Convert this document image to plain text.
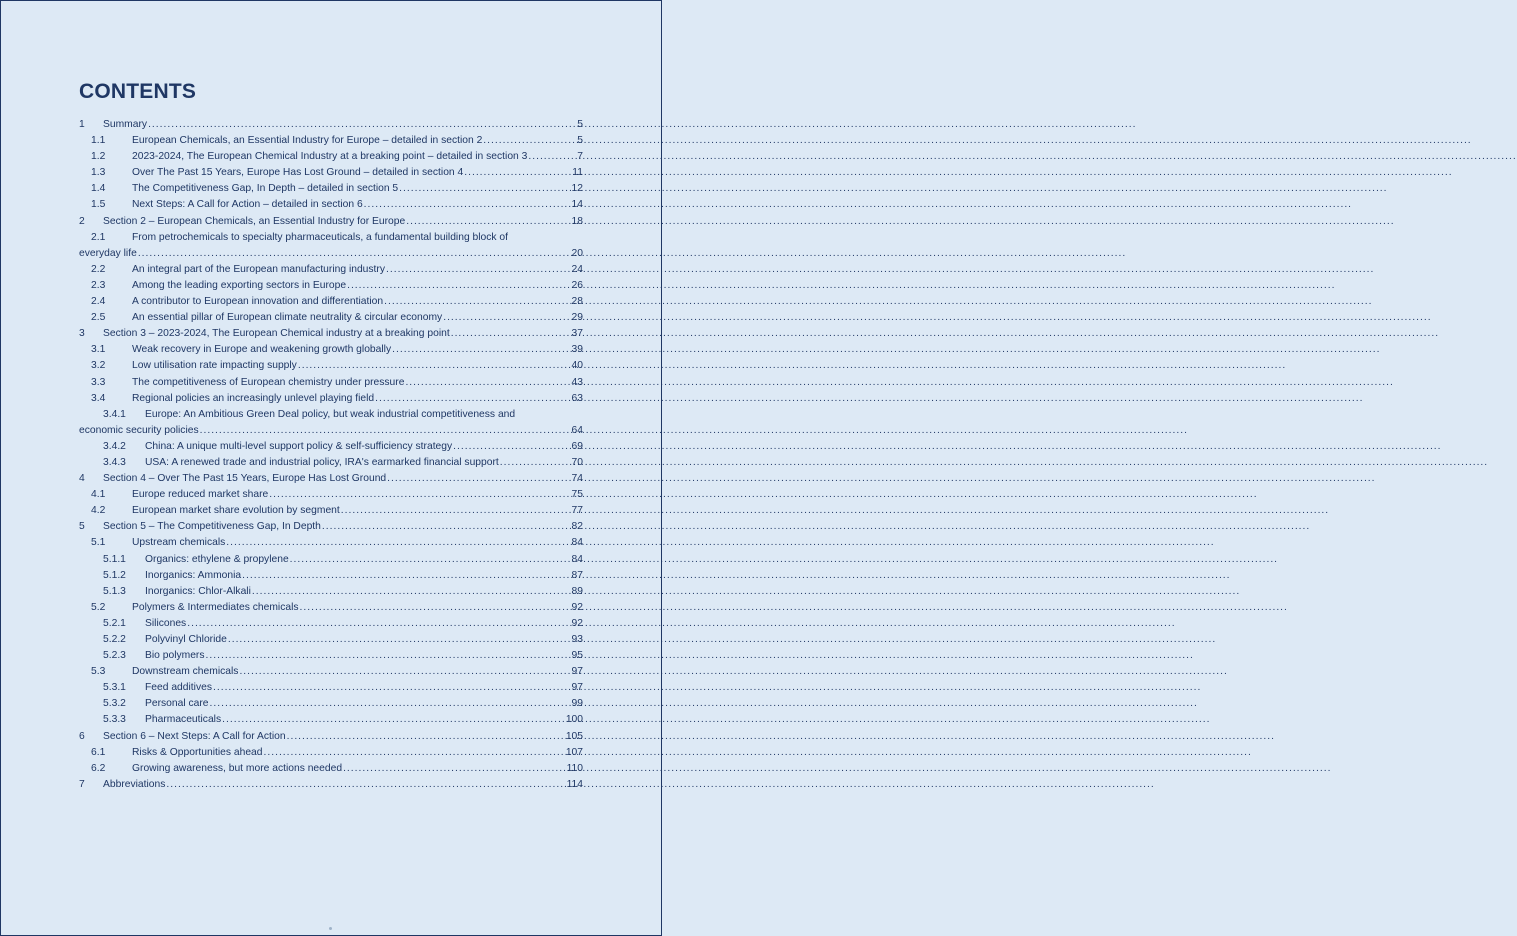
CONTENTS
1	Summary .....	5
1.1	European Chemicals, an Essential Industry for Europe – detailed in section 2 .....	5
1.2	2023-2024, The European Chemical Industry at a breaking point – detailed in section 3 .....	7
1.3	Over The Past 15 Years, Europe Has Lost Ground – detailed in section 4 .....	11
1.4	The Competitiveness Gap, In Depth – detailed in section 5 .....	12
1.5	Next Steps: A Call for Action – detailed in section 6 .....	14
2	Section 2 – European Chemicals, an Essential Industry for Europe .....	18
2.1	From petrochemicals to specialty pharmaceuticals, a fundamental building block of
everyday life .....	20
2.2	An integral part of the European manufacturing industry .....	24
2.3	Among the leading exporting sectors in Europe .....	26
2.4	A contributor to European innovation and differentiation .....	28
2.5	An essential pillar of European climate neutrality & circular economy .....	29
3	Section 3 – 2023-2024, The European Chemical industry at a breaking point .....	37
3.1	Weak recovery in Europe and weakening growth globally .....	39
3.2	Low utilisation rate impacting supply .....	40
3.3	The competitiveness of European chemistry under pressure .....	43
3.4	Regional policies an increasingly unlevel playing field .....	63
3.4.1 Europe: An Ambitious Green Deal policy, but weak industrial competitiveness and
economic security policies .....	64
3.4.2	China: A unique multi-level support policy & self-sufficiency strategy .....	69
3.4.3	USA: A renewed trade and industrial policy, IRA's earmarked financial support .....	70
4	Section 4 – Over The Past 15 Years, Europe Has Lost Ground .....	74
4.1	Europe reduced market share .....	75
4.2	European market share evolution by segment .....	77
5	Section 5 – The Competitiveness Gap, In Depth .....	82
5.1	Upstream chemicals .....	84
5.1.1	Organics: ethylene & propylene .....	84
5.1.2	Inorganics: Ammonia .....	87
5.1.3	Inorganics: Chlor-Alkali .....	89
5.2	Polymers & Intermediates chemicals .....	92
5.2.1	Silicones .....	92
5.2.2	Polyvinyl Chloride .....	93
5.2.3	Bio polymers .....	95
5.3	Downstream chemicals .....	97
5.3.1	Feed additives .....	97
5.3.2	Personal care .....	99
5.3.3	Pharmaceuticals .....	100
6	Section 6 – Next Steps: A Call for Action .....	105
6.1	Risks & Opportunities ahead .....	107
6.2	Growing awareness, but more actions needed .....	110
7	Abbreviations .....	114
